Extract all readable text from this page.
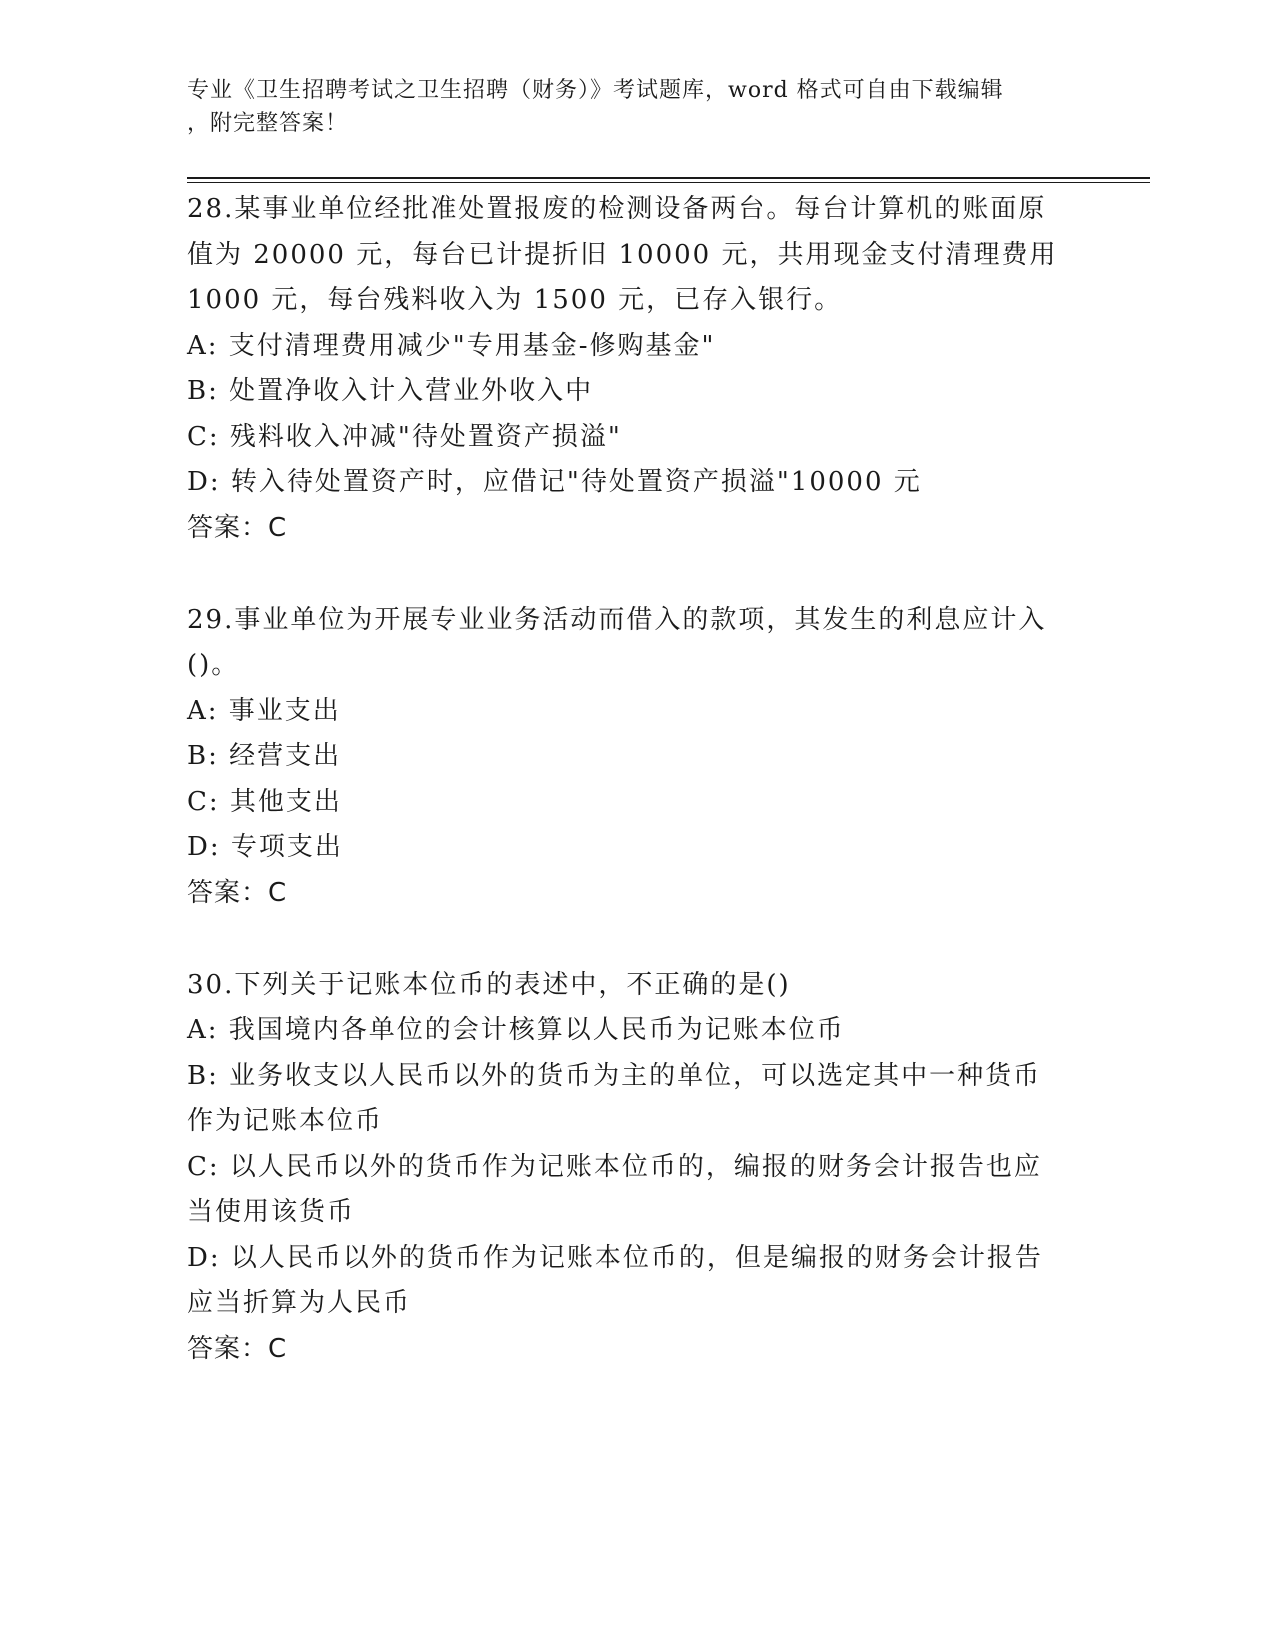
专业《卫生招聘考试之卫生招聘（财务）》考试题库，word 格式可自由下载编辑
，附完整答案！
28.某事业单位经批准处置报废的检测设备两台。每台计算机的账面原
值为 20000 元，每台已计提折旧 10000 元，共用现金支付清理费用
1000 元，每台残料收入为 1500 元，已存入银行。
A: 支付清理费用减少"专用基金-修购基金"
B: 处置净收入计入营业外收入中
C: 残料收入冲减"待处置资产损溢"
D: 转入待处置资产时，应借记"待处置资产损溢"10000 元
答案：C
29.事业单位为开展专业业务活动而借入的款项，其发生的利息应计入
()。
A: 事业支出
B: 经营支出
C: 其他支出
D: 专项支出
答案：C
30.下列关于记账本位币的表述中，不正确的是()
A: 我国境内各单位的会计核算以人民币为记账本位币
B: 业务收支以人民币以外的货币为主的单位，可以选定其中一种货币
作为记账本位币
C: 以人民币以外的货币作为记账本位币的，编报的财务会计报告也应
当使用该货币
D: 以人民币以外的货币作为记账本位币的，但是编报的财务会计报告
应当折算为人民币
答案：C
